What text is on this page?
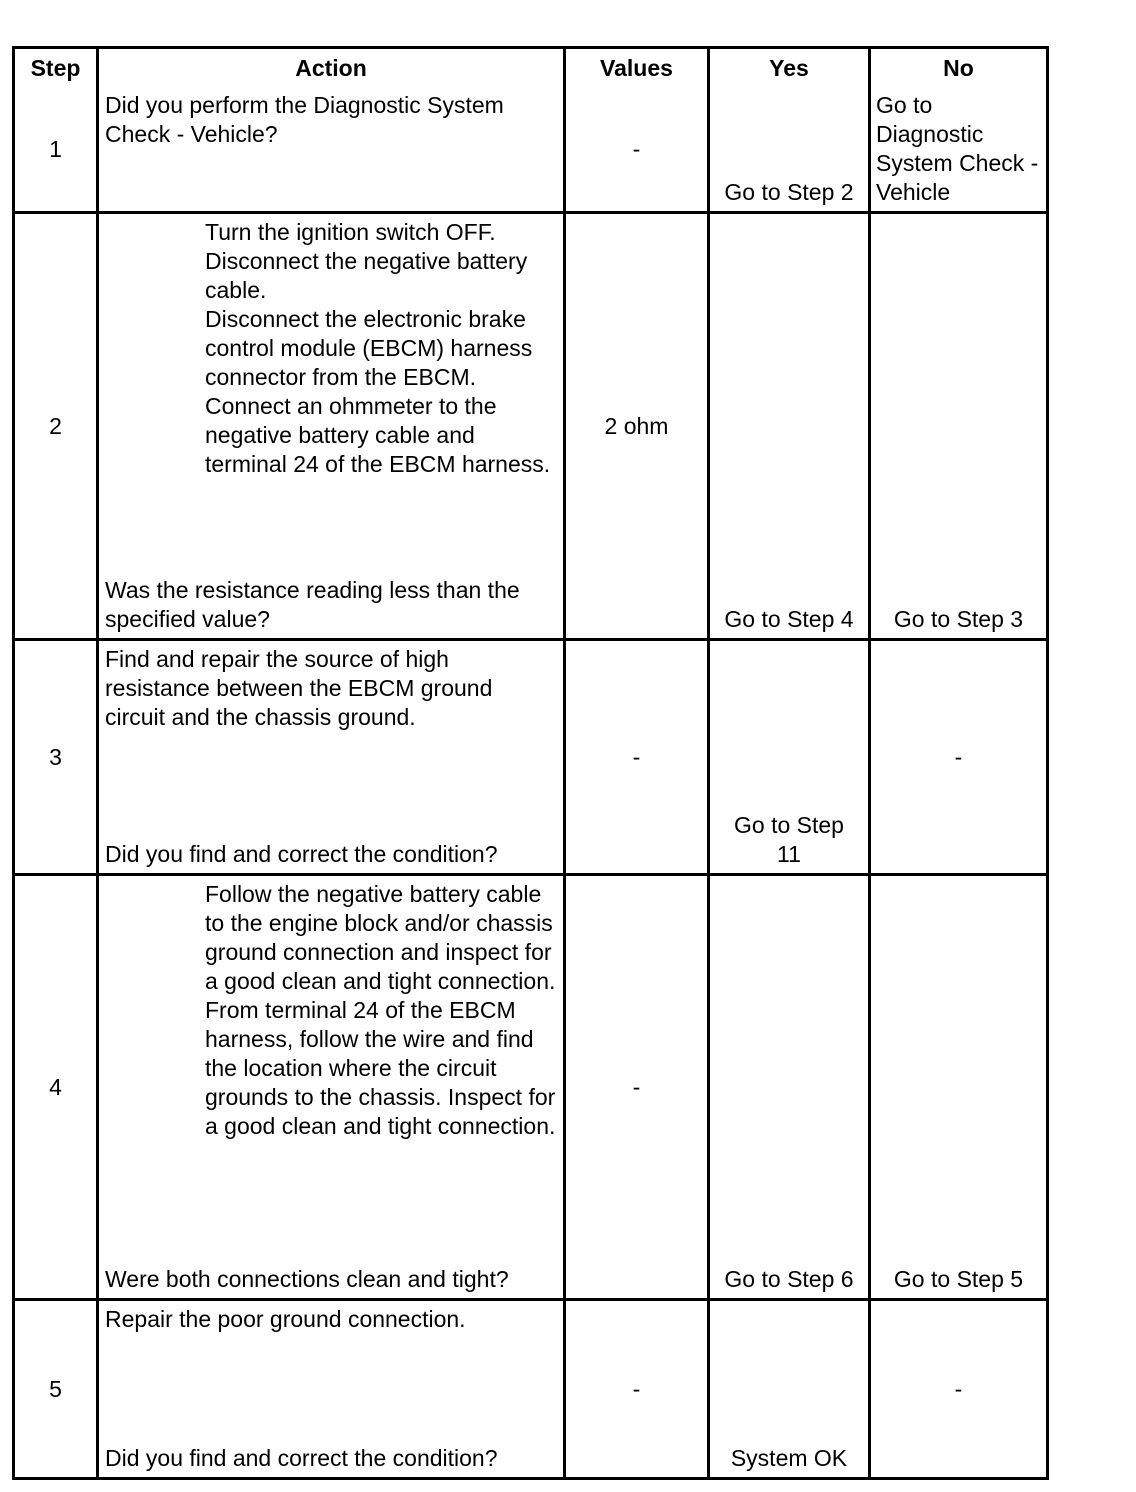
Step	Action	Values	Yes	No
1	Did you perform the Diagnostic System Check - Vehicle?	-	Go to Step 2	Go to Diagnostic System Check - Vehicle

2	Turn the ignition switch OFF.
Disconnect the negative battery cable.
Disconnect the electronic brake control module (EBCM) harness connector from the EBCM.
Connect an ohmmeter to the negative battery cable and terminal 24 of the EBCM harness.
Was the resistance reading less than the specified value?	2 ohm	Go to Step 4	Go to Step 3

3	Find and repair the source of high resistance between the EBCM ground circuit and the chassis ground.
Did you find and correct the condition?	-	Go to Step 11	-
4	Follow the negative battery cable to the engine block and/or chassis ground connection and inspect for a good clean and tight connection.
From terminal 24 of the EBCM harness, follow the wire and find the location where the circuit grounds to the chassis. Inspect for a good clean and tight connection.
Were both connections clean and tight?	-	Go to Step 6	Go to Step 5

5	Repair the poor ground connection.
Did you find and correct the condition?	-	System OK	-
